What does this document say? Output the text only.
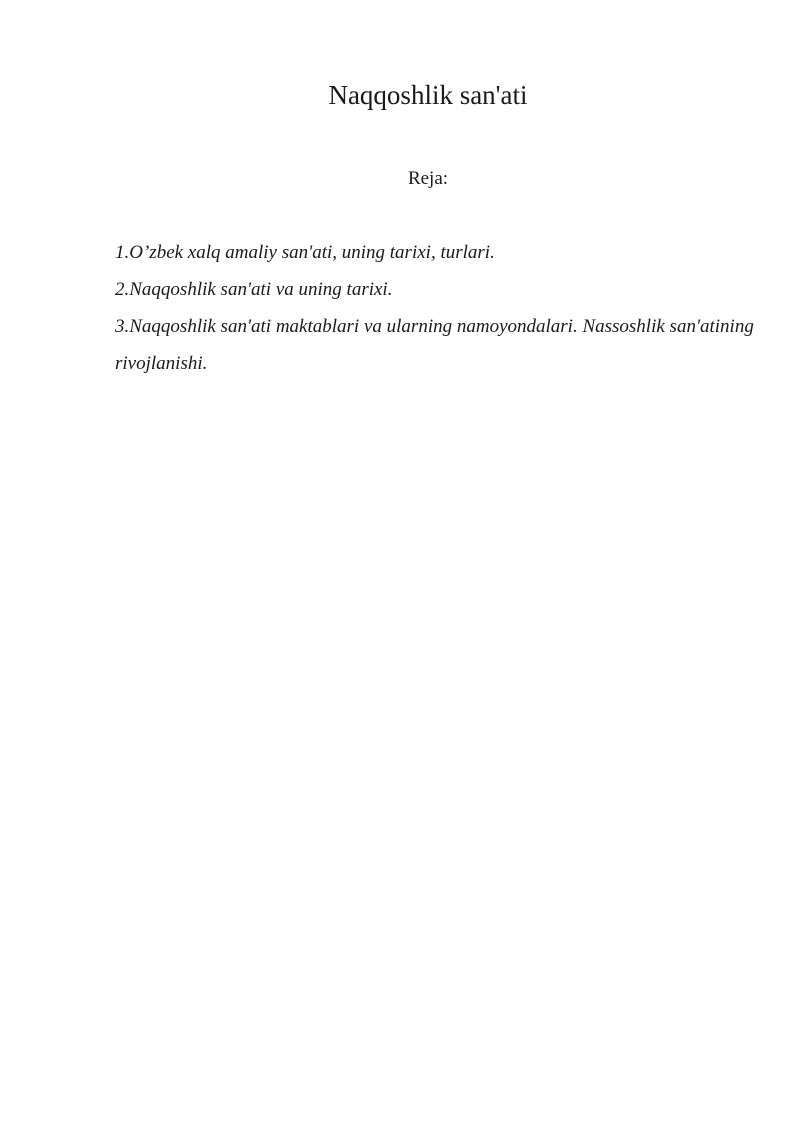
Naqqoshlik san'ati

Reja:

1.O’zbek xalq amaliy san'ati, uning tarixi, turlari.
2.Naqqoshlik san'ati va uning tarixi.
3.Naqqoshlik san'ati maktablari va ularning namoyondalari. Nassoshlik san'atining rivojlanishi.
